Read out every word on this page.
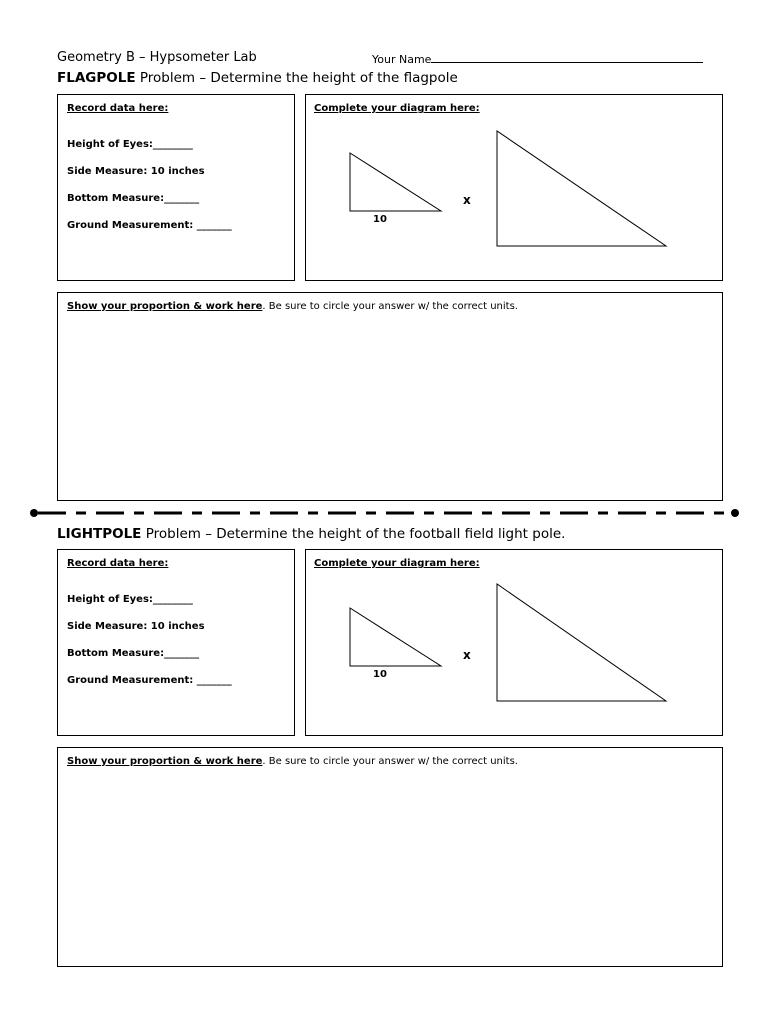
Geometry B – Hypsometer Lab	Your Name
FLAGPOLE Problem – Determine the height of the flagpole
Record data here:
Height of Eyes:________
Side Measure: 10 inches
Bottom Measure:_______
Ground Measurement: _______
Complete your diagram here:
10
x
Show your proportion & work here. Be sure to circle your answer w/ the correct units.
LIGHTPOLE Problem – Determine the height of the football field light pole.
Record data here:
Height of Eyes:________
Side Measure: 10 inches
Bottom Measure:_______
Ground Measurement: _______
Complete your diagram here:
10
x
Show your proportion & work here. Be sure to circle your answer w/ the correct units.
